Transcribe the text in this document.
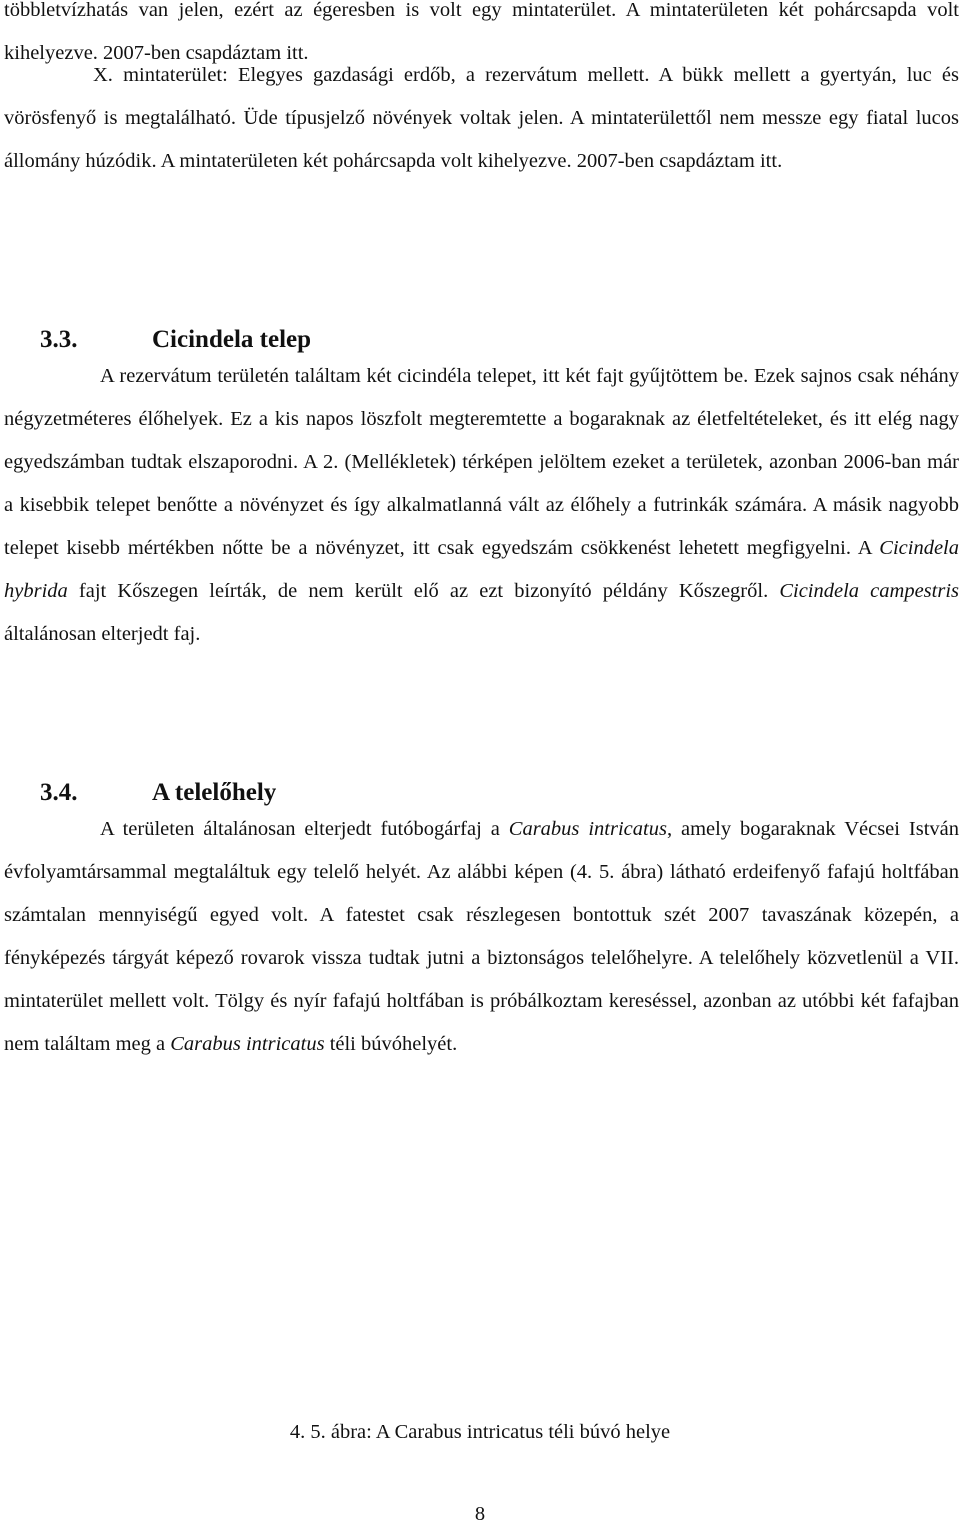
többletvízhatás van jelen, ezért az égeresben is volt egy mintaterület. A mintaterületen két pohárcsapda volt kihelyezve. 2007-ben csapdáztam itt.

X. mintaterület: Elegyes gazdasági erdőb, a rezervátum mellett. A bükk mellett a gyertyán, luc és vörösfenyő is megtalálható. Üde típusjelző növények voltak jelen. A mintaterülettől nem messze egy fiatal lucos állomány húzódik. A mintaterületen két pohárcsapda volt kihelyezve. 2007-ben csapdáztam itt.

3.3.	Cicindela telep

A rezervátum területén találtam két cicindéla telepet, itt két fajt gyűjtöttem be. Ezek sajnos csak néhány négyzetméteres élőhelyek. Ez a kis napos löszfolt megteremtette a bogaraknak az életfeltételeket, és itt elég nagy egyedszámban tudtak elszaporodni. A 2. (Mellékletek) térképen jelöltem ezeket a területek, azonban 2006-ban már a kisebbik telepet benőtte a növényzet és így alkalmatlanná vált az élőhely a futrinkák számára. A másik nagyobb telepet kisebb mértékben nőtte be a növényzet, itt csak egyedszám csökkenést lehetett megfigyelni. A Cicindela hybrida fajt Kőszegen leírták, de nem került elő az ezt bizonyító példány Kőszegről. Cicindela campestris általánosan elterjedt faj.

3.4.	A telelőhely

A területen általánosan elterjedt futóbogárfaj a Carabus intricatus, amely bogaraknak Vécsei István évfolyamtársammal megtaláltuk egy telelő helyét. Az alábbi képen (4. 5. ábra) látható erdeifenyő fafajú holtfában számtalan mennyiségű egyed volt. A fatestet csak részlegesen bontottuk szét 2007 tavaszának közepén, a fényképezés tárgyát képező rovarok vissza tudtak jutni a biztonságos telelőhelyre. A telelőhely közvetlenül a VII. mintaterület mellett volt. Tölgy és nyír fafajú holtfában is próbálkoztam kereséssel, azonban az utóbbi két fafajban nem találtam meg a Carabus intricatus téli búvóhelyét.

4. 5. ábra: A Carabus intricatus téli búvó helye

8
